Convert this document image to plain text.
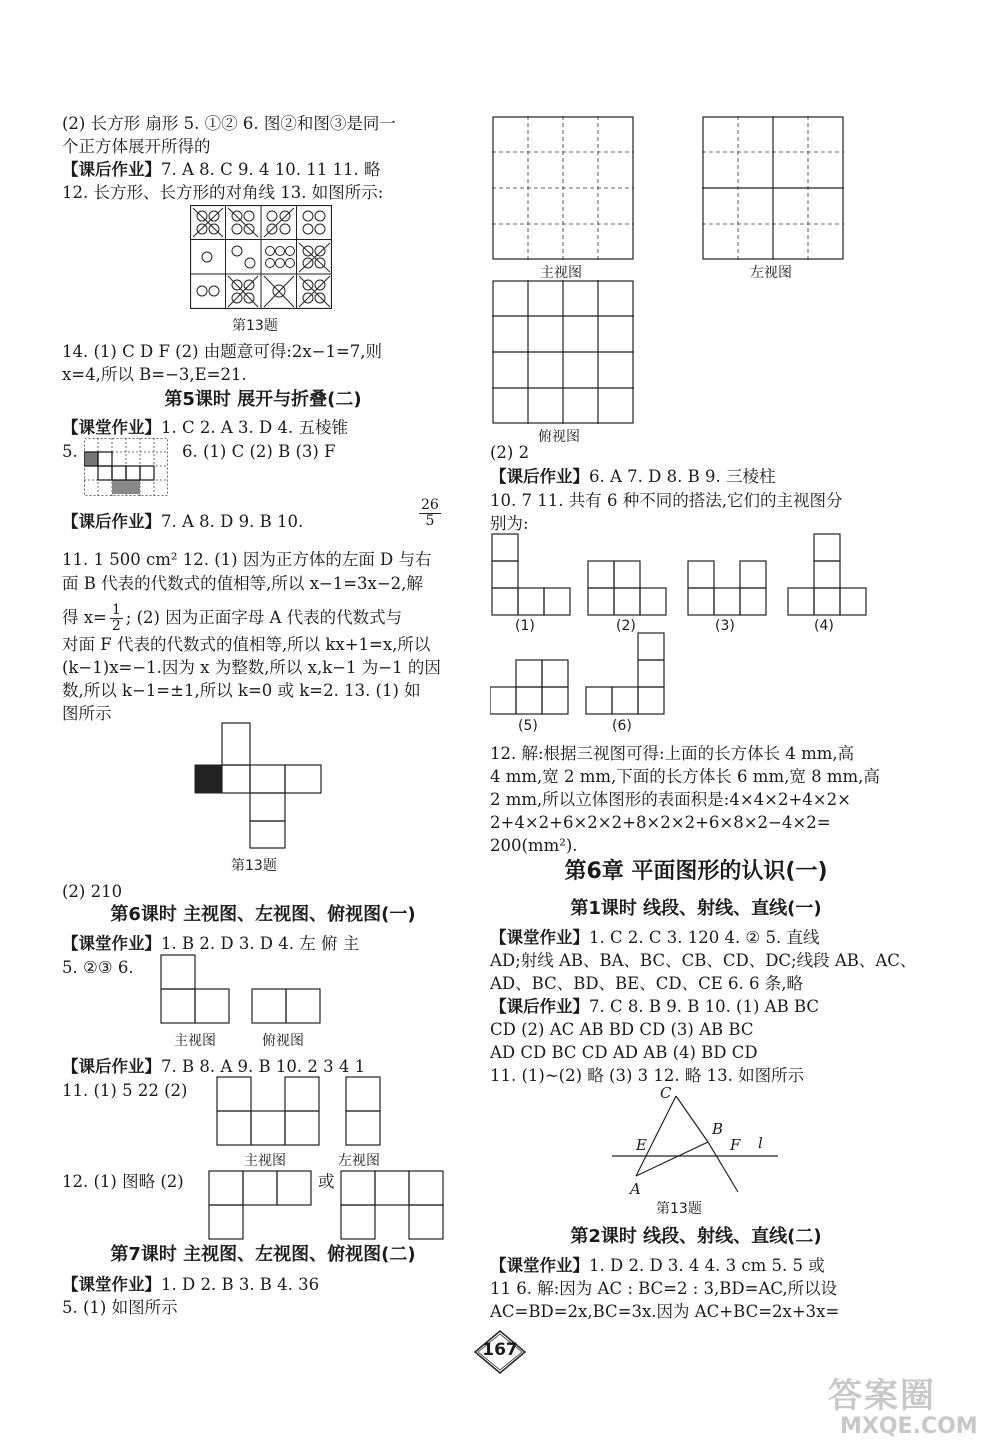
(2) 长方形 扇形 5. ①② 6. 图②和图③是同一
个正方体展开所得的
【课后作业】7. A 8. C 9. 4 10. 11 11. 略
12. 长方形、长方形的对角线 13. 如图所示:
第13题
14. (1) C D F (2) 由题意可得:2x−1=7,则
x=4,所以 B=−3,E=21.
第5课时 展开与折叠(二)
【课堂作业】1. C 2. A 3. D 4. 五棱锥
5.	6. (1) C (2) B (3) F
【课后作业】7. A 8. D 9. B 10.	$\frac{26}{5}$
11. 1 500 cm² 12. (1) 因为正方体的左面 D 与右
面 B 代表的代数式的值相等,所以 x−1=3x−2,解
得 $x= \frac{1}{2}$ ; (2) 因为正面字母 A 代表的代数式与
对面 F 代表的代数式的值相等,所以 kx+1=x,所以
(k−1)x=−1.因为 x 为整数,所以 x,k−1 为−1 的因
数,所以 k−1=±1,所以 k=0 或 k=2. 13. (1) 如
图所示
第13题
(2) 210
第6课时 主视图、左视图、俯视图(一)
【课堂作业】1. B 2. D 3. D 4. 左 俯 主
5. ②③ 6.
主视图	俯视图
【课后作业】7. B 8. A 9. B 10. 2 3 4 1
11. (1) 5 22 (2)
主视图	左视图
12. (1) 图略 (2)	或
第7课时 主视图、左视图、俯视图(二)
【课堂作业】1. D 2. B 3. B 4. 36
5. (1) 如图所示
主视图	左视图
俯视图
(2) 2
【课后作业】6. A 7. D 8. B 9. 三棱柱
10. 7 11. 共有 6 种不同的搭法,它们的主视图分
别为:
(1)	(2)	(3)	(4)
(5)	(6)
12. 解:根据三视图可得:上面的长方体长 4 mm,高
4 mm,宽 2 mm,下面的长方体长 6 mm,宽 8 mm,高
2 mm,所以立体图形的表面积是:4×4×2+4×2×
2+4×2+6×2×2+8×2×2+6×8×2−4×2=
200(mm²).
第6章 平面图形的认识(一)
第1课时 线段、射线、直线(一)
【课堂作业】1. C 2. C 3. 120 4. ② 5. 直线
AD;射线 AB、BA、BC、CB、CD、DC;线段 AB、AC、
AD、BC、BD、BE、CD、CE 6. 6 条,略
【课后作业】7. C 8. B 9. B 10. (1) AB BC
CD (2) AC AB BD CD (3) AB BC
AD CD BC CD AD AB (4) BD CD
11. (1)~(2) 略 (3) 3 12. 略 13. 如图所示
C
B
E	F l
A
第13题
第2课时 线段、射线、直线(二)
【课堂作业】1. D 2. D 3. 4 4. 3 cm 5. 5 或
11 6. 解:因为 AC : BC=2 : 3,BD=AC,所以设
AC=BD=2x,BC=3x.因为 AC+BC=2x+3x=
167
答案圈
MXQE.COM
